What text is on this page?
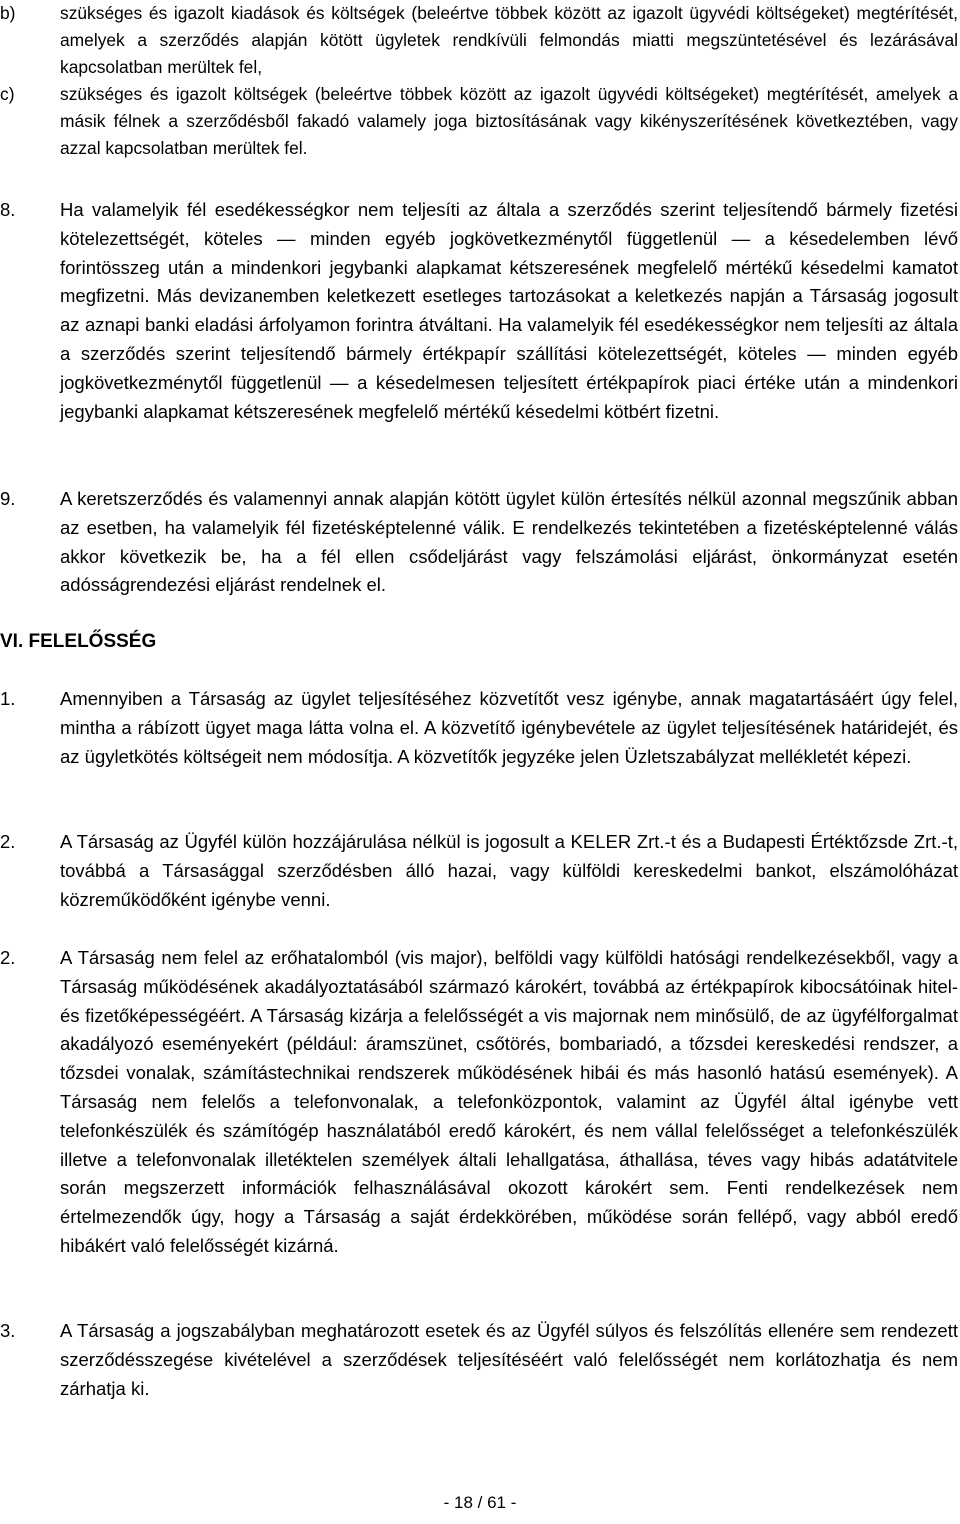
b)	szükséges és igazolt kiadások és költségek (beleértve többek között az igazolt ügyvédi költségeket) megtérítését, amelyek a szerződés alapján kötött ügyletek rendkívüli felmondás miatti megszüntetésével és lezárásával kapcsolatban merültek fel,

c)	szükséges és igazolt költségek (beleértve többek között az igazolt ügyvédi költségeket) megtérítését, amelyek a másik félnek a szerződésből fakadó valamely joga biztosításának vagy kikényszerítésének következtében, vagy azzal kapcsolatban merültek fel.

8. Ha valamelyik fél esedékességkor nem teljesíti az általa a szerződés szerint teljesítendő bármely fizetési kötelezettségét, köteles — minden egyéb jogkövetkezménytől függetlenül — a késedelemben lévő forintösszeg után a mindenkori jegybanki alapkamat kétszeresének megfelelő mértékű késedelmi kamatot megfizetni. Más devizanemben keletkezett esetleges tartozásokat a keletkezés napján a Társaság jogosult az aznapi banki eladási árfolyamon forintra átváltani. Ha valamelyik fél esedékességkor nem teljesíti az általa a szerződés szerint teljesítendő bármely értékpapír szállítási kötelezettségét, köteles — minden egyéb jogkövetkezménytől függetlenül — a késedelmesen teljesített értékpapírok piaci értéke után a mindenkori jegybanki alapkamat kétszeresének megfelelő mértékű késedelmi kötbért fizetni.

9. A keretszerződés és valamennyi annak alapján kötött ügylet külön értesítés nélkül azonnal megszűnik abban az esetben, ha valamelyik fél fizetésképtelenné válik. E rendelkezés tekintetében a fizetésképtelenné válás akkor következik be, ha a fél ellen csődeljárást vagy felszámolási eljárást, önkormányzat esetén adósságrendezési eljárást rendelnek el.

VI. FELELŐSSÉG
1. Amennyiben a Társaság az ügylet teljesítéséhez közvetítőt vesz igénybe, annak magatartásáért úgy felel, mintha a rábízott ügyet maga látta volna el. A közvetítő igénybevétele az ügylet teljesítésének határidejét, és az ügyletkötés költségeit nem módosítja. A közvetítők jegyzéke jelen Üzletszabályzat mellékletét képezi.

2. A Társaság az Ügyfél külön hozzájárulása nélkül is jogosult a KELER Zrt.-t és a Budapesti Értéktőzsde Zrt.-t, továbbá a Társasággal szerződésben álló hazai, vagy külföldi kereskedelmi bankot, elszámolóházat közreműködőként igénybe venni.

2. A Társaság nem felel az erőhatalomból (vis major), belföldi vagy külföldi hatósági rendelkezésekből, vagy a Társaság működésének akadályoztatásából származó károkért, továbbá az értékpapírok kibocsátóinak hitel- és fizetőképességéért. A Társaság kizárja a felelősségét a vis majornak nem minősülő, de az ügyfélforgalmat akadályozó eseményekért (például: áramszünet, csőtörés, bombariadó, a tőzsdei kereskedési rendszer, a tőzsdei vonalak, számítástechnikai rendszerek működésének hibái és más hasonló hatású események). A Társaság nem felelős a telefonvonalak, a telefonközpontok, valamint az Ügyfél által igénybe vett telefonkészülék és számítógép használatából eredő károkért, és nem vállal felelősséget a telefonkészülék illetve a telefonvonalak illetéktelen személyek általi lehallgatása, áthallása, téves vagy hibás adatátvitele során megszerzett információk felhasználásával okozott károkért sem. Fenti rendelkezések nem értelmezendők úgy, hogy a Társaság a saját érdekkörében, működése során fellépő, vagy abból eredő hibákért való felelősségét kizárná.

3. A Társaság a jogszabályban meghatározott esetek és az Ügyfél súlyos és felszólítás ellenére sem rendezett szerződésszegése kivételével a szerződések teljesítéséért való felelősségét nem korlátozhatja és nem zárhatja ki.

- 18 / 61 -
